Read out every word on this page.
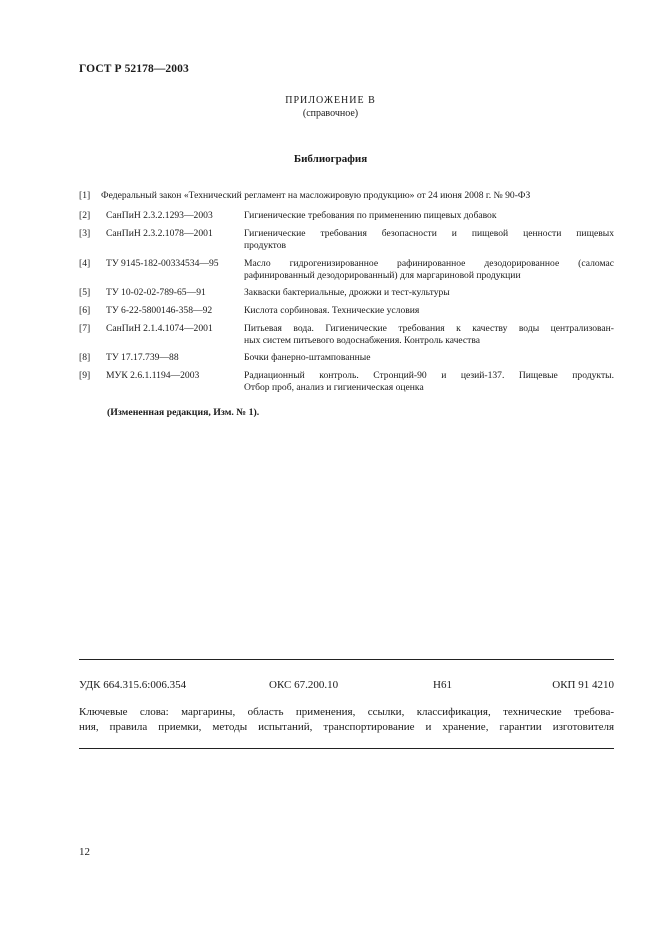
ГОСТ Р 52178—2003
ПРИЛОЖЕНИЕ В
(справочное)
Библиография
[1] Федеральный закон «Технический регламент на масложировую продукцию» от 24 июня 2008 г. № 90-ФЗ
[2] СанПиН 2.3.2.1293—2003	Гигиенические требования по применению пищевых добавок
[3] СанПиН 2.3.2.1078—2001	Гигиенические требования безопасности и пищевой ценности пищевых
продуктов
[4] ТУ 9145-182-00334534—95	Масло гидрогенизированное рафинированное дезодорированное (саломас
рафинированный дезодорированный) для маргариновой продукции
[5] ТУ 10-02-02-789-65—91	Закваски бактериальные, дрожжи и тест-культуры
[6] ТУ 6-22-5800146-358—92	Кислота сорбиновая. Технические условия
[7] СанПиН 2.1.4.1074—2001	Питьевая вода. Гигиенические требования к качеству воды централизован-
ных систем питьевого водоснабжения. Контроль качества
[8] ТУ 17.17.739—88	Бочки фанерно-штампованные
[9] МУК 2.6.1.1194—2003	Радиационный контроль. Стронций-90 и цезий-137. Пищевые продукты.
Отбор проб, анализ и гигиеническая оценка
(Измененная редакция, Изм. № 1).
УДК 664.315.6:006.354	ОКС 67.200.10	Н61	ОКП 91 4210
Ключевые слова: маргарины, область применения, ссылки, классификация, технические требова-
ния, правила приемки, методы испытаний, транспортирование и хранение, гарантии изготовителя
12
